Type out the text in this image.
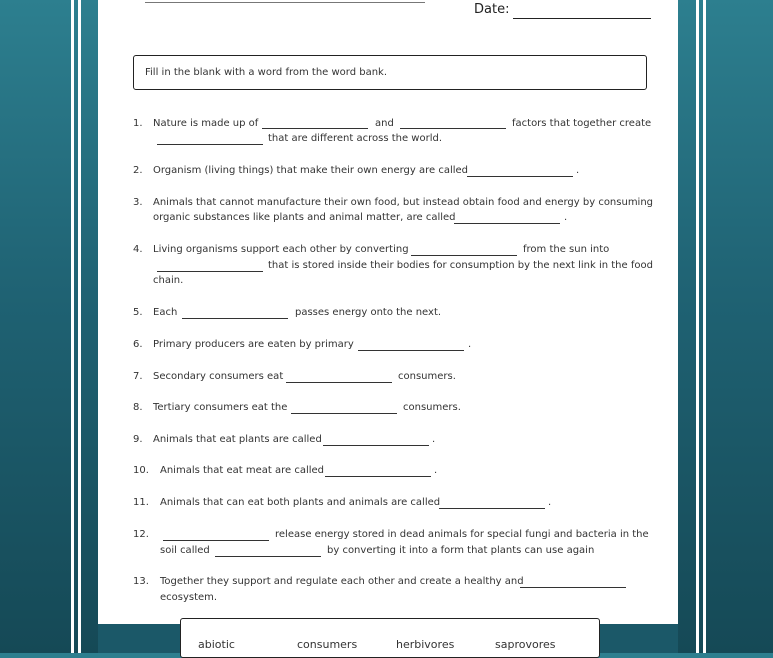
Date:
Fill in the blank with a word from the word bank.
1. Nature is made up of	and	factors that together create
that are different across the world.
2. Organism (living things) that make their own energy are called	.
3. Animals that cannot manufacture their own food, but instead obtain food and energy by consuming
organic substances like plants and animal matter, are called	.
4. Living organisms support each other by converting	from the sun into
that is stored inside their bodies for consumption by the next link in the food
chain.
5. Each	passes energy onto the next.
6. Primary producers are eaten by primary	.
7. Secondary consumers eat	consumers.
8. Tertiary consumers eat the	consumers.
9. Animals that eat plants are called	.
10. Animals that eat meat are called	.
11. Animals that can eat both plants and animals are called	.
12.	release energy stored in dead animals for special fungi and bacteria in the
soil called	by converting it into a form that plants can use again
13. Together they support and regulate each other and create a healthy and
ecosystem.
abiotic	consumers	herbivores	saprovores
